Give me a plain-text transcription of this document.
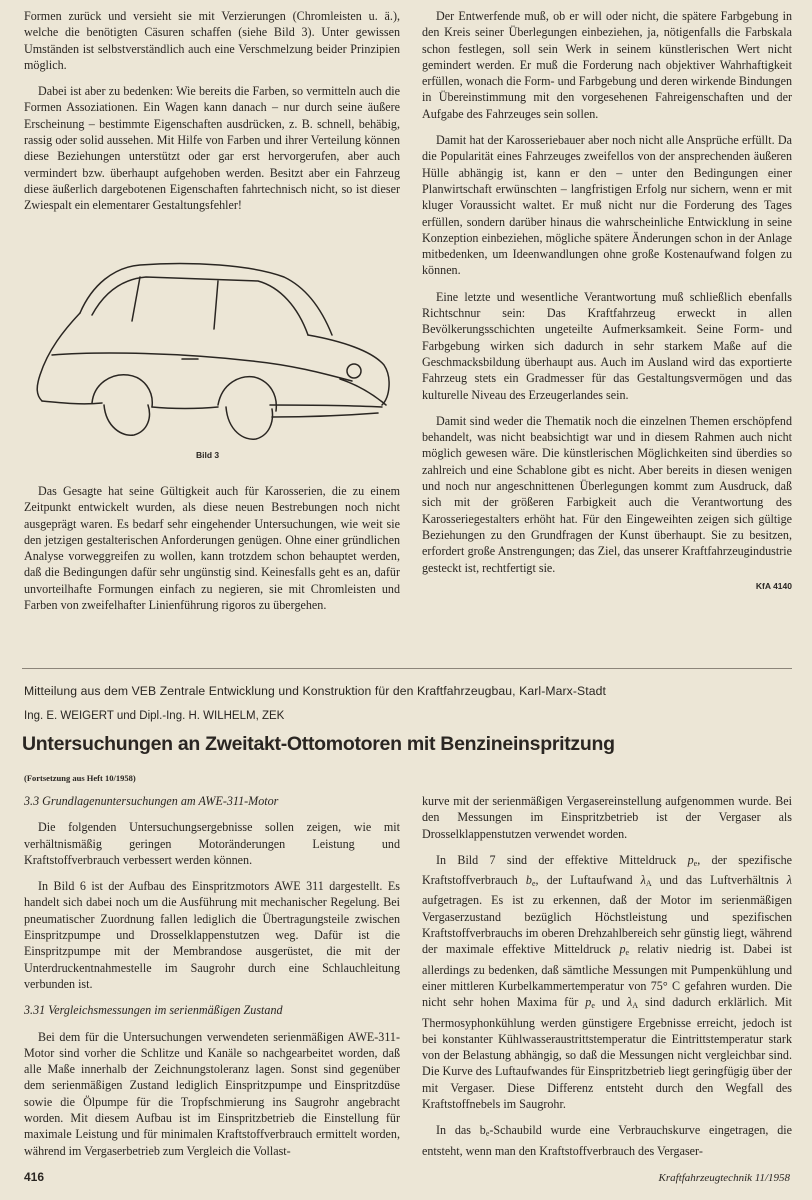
Formen zurück und versieht sie mit Verzierungen (Chromleisten u. ä.), welche die benötigten Cäsuren schaffen (siehe Bild 3). Unter gewissen Umständen ist selbstverständlich auch eine Verschmelzung beider Prinzipien möglich.

Dabei ist aber zu bedenken: Wie bereits die Farben, so vermitteln auch die Formen Assoziationen. Ein Wagen kann danach – nur durch seine äußere Erscheinung – bestimmte Eigenschaften ausdrücken, z. B. schnell, behäbig, rassig oder solid aussehen. Mit Hilfe von Farben und ihrer Verteilung können diese Beziehungen unterstützt oder gar erst hervorgerufen, aber auch vermindert bzw. überhaupt aufgehoben werden. Besitzt aber ein Fahrzeug diese äußerlich dargebotenen Eigenschaften fahrtechnisch nicht, so ist dieser Zwiespalt ein elementarer Gestaltungsfehler!

Bild 3

Das Gesagte hat seine Gültigkeit auch für Karosserien, die zu einem Zeitpunkt entwickelt wurden, als diese neuen Bestrebungen noch nicht ausgeprägt waren. Es bedarf sehr eingehender Untersuchungen, wie weit sie den jetzigen gestalterischen Anforderungen genügen. Ohne einer gründlichen Analyse vorweggreifen zu wollen, kann trotzdem schon behauptet werden, daß die Bedingungen dafür sehr ungünstig sind. Keinesfalls geht es an, dafür unvorteilhafte Formungen einfach zu negieren, sie mit Chromleisten und Farben von zweifelhafter Linienführung rigoros zu übergehen.

Der Entwerfende muß, ob er will oder nicht, die spätere Farbgebung in den Kreis seiner Überlegungen einbeziehen, ja, nötigenfalls die Farbskala schon festlegen, soll sein Werk in seinem künstlerischen Wert nicht gemindert werden. Er muß die Forderung nach objektiver Wahrhaftigkeit erfüllen, wonach die Form- und Farbgebung und deren wirkende Bindungen in Übereinstimmung mit den vorgesehenen Fahreigenschaften und der Aufgabe des Fahrzeuges sein sollen.

Damit hat der Karosseriebauer aber noch nicht alle Ansprüche erfüllt. Da die Popularität eines Fahrzeuges zweifellos von der ansprechenden äußeren Hülle abhängig ist, kann er den – unter den Bedingungen einer Planwirtschaft erwünschten – langfristigen Erfolg nur sichern, wenn er mit kluger Voraussicht waltet. Er muß nicht nur die Forderung des Tages erfüllen, sondern darüber hinaus die wahrscheinliche Entwicklung in seine Konzeption einbeziehen, mögliche spätere Änderungen schon in der Anlage mitbedenken, um Ideenwandlungen ohne große Kostenaufwand folgen zu können.

Eine letzte und wesentliche Verantwortung muß schließlich ebenfalls Richtschnur sein: Das Kraftfahrzeug erweckt in allen Bevölkerungsschichten ungeteilte Aufmerksamkeit. Seine Form- und Farbgebung wirken sich dadurch in sehr starkem Maße auf die Geschmacksbildung überhaupt aus. Auch im Ausland wird das exportierte Fahrzeug stets ein Gradmesser für das Gestaltungsvermögen und das kulturelle Niveau des Erzeugerlandes sein.

Damit sind weder die Thematik noch die einzelnen Themen erschöpfend behandelt, was nicht beabsichtigt war und in diesem Rahmen auch nicht möglich gewesen wäre. Die künstlerischen Möglichkeiten sind überdies so zahlreich und eine Schablone gibt es nicht. Aber bereits in diesen wenigen und noch nur angeschnittenen Überlegungen kommt zum Ausdruck, daß sich mit der größeren Farbigkeit auch die Verantwortung des Karosseriegestalters erhöht hat. Für den Eingeweihten zeigen sich gültige Beziehungen zu den Grundfragen der Kunst überhaupt. Sie zu besitzen, erfordert große Anstrengungen; das Ziel, das unserer Kraftfahrzeugindustrie gesteckt ist, rechtfertigt sie.

KfA 4140

Mitteilung aus dem VEB Zentrale Entwicklung und Konstruktion für den Kraftfahrzeugbau, Karl-Marx-Stadt
Ing. E. WEIGERT und Dipl.-Ing. H. WILHELM, ZEK
Untersuchungen an Zweitakt-Ottomotoren mit Benzineinspritzung
(Fortsetzung aus Heft 10/1958)

3.3 Grundlagenuntersuchungen am AWE-311-Motor

Die folgenden Untersuchungsergebnisse sollen zeigen, wie mit verhältnismäßig geringen Motoränderungen Leistung und Kraftstoffverbrauch verbessert werden können.

In Bild 6 ist der Aufbau des Einspritzmotors AWE 311 dargestellt. Es handelt sich dabei noch um die Ausführung mit mechanischer Regelung. Bei pneumatischer Zuordnung fallen lediglich die Übertragungsteile zwischen Einspritzpumpe und Drosselklappenstutzen weg. Dafür ist die Einspritzpumpe mit der Membrandose ausgerüstet, die mit der Unterdruckentnahmestelle im Saugrohr durch eine Schlauchleitung verbunden ist.

3.31 Vergleichsmessungen im serienmäßigen Zustand

Bei dem für die Untersuchungen verwendeten serienmäßigen AWE-311-Motor sind vorher die Schlitze und Kanäle so nachgearbeitet worden, daß alle Maße innerhalb der Zeichnungstoleranz lagen. Sonst sind gegenüber dem serienmäßigen Zustand lediglich Einspritzpumpe und Einspritzdüse sowie die Ölpumpe für die Tropfschmierung ins Saugrohr angebracht worden. Mit diesem Aufbau ist im Einspritzbetrieb die Einstellung für maximale Leistung und für minimalen Kraftstoffverbrauch ermittelt worden, während im Vergaserbetrieb zum Vergleich die Vollast-

kurve mit der serienmäßigen Vergasereinstellung aufgenommen wurde. Bei den Messungen im Einspritzbetrieb ist der Vergaser als Drosselklappenstutzen verwendet worden.

In Bild 7 sind der effektive Mitteldruck $p_e$, der spezifische Kraftstoffverbrauch $b_e$, der Luftaufwand $\lambda_A$ und das Luftverhältnis λ aufgetragen. Es ist zu erkennen, daß der Motor im serienmäßigen Vergaserzustand bezüglich Höchstleistung und spezifischen Kraftstoffverbrauchs im oberen Drehzahlbereich sehr günstig liegt, während der maximale effektive Mitteldruck $p_e$ relativ niedrig ist. Dabei ist allerdings zu bedenken, daß sämtliche Messungen mit Pumpenkühlung und einer mittleren Kurbelkammertemperatur von 75° C gefahren wurden. Die nicht sehr hohen Maxima für $p_e$ und $\lambda_A$ sind dadurch erklärlich. Mit Thermosyphonkühlung werden günstigere Ergebnisse erreicht, jedoch ist bei konstanter Kühlwasseraustrittstemperatur die Eintrittstemperatur stark von der Belastung abhängig, so daß die Messungen nicht vergleichbar sind. Die Kurve des Luftaufwandes für Einspritzbetrieb liegt geringfügig über der mit Vergaser. Diese Differenz entsteht durch den Wegfall des Kraftstoffnebels im Saugrohr.

In das $b_e$-Schaubild wurde eine Verbrauchskurve eingetragen, die entsteht, wenn man den Kraftstoffverbrauch des Vergaser-

416	Kraftfahrzeugtechnik 11/1958
